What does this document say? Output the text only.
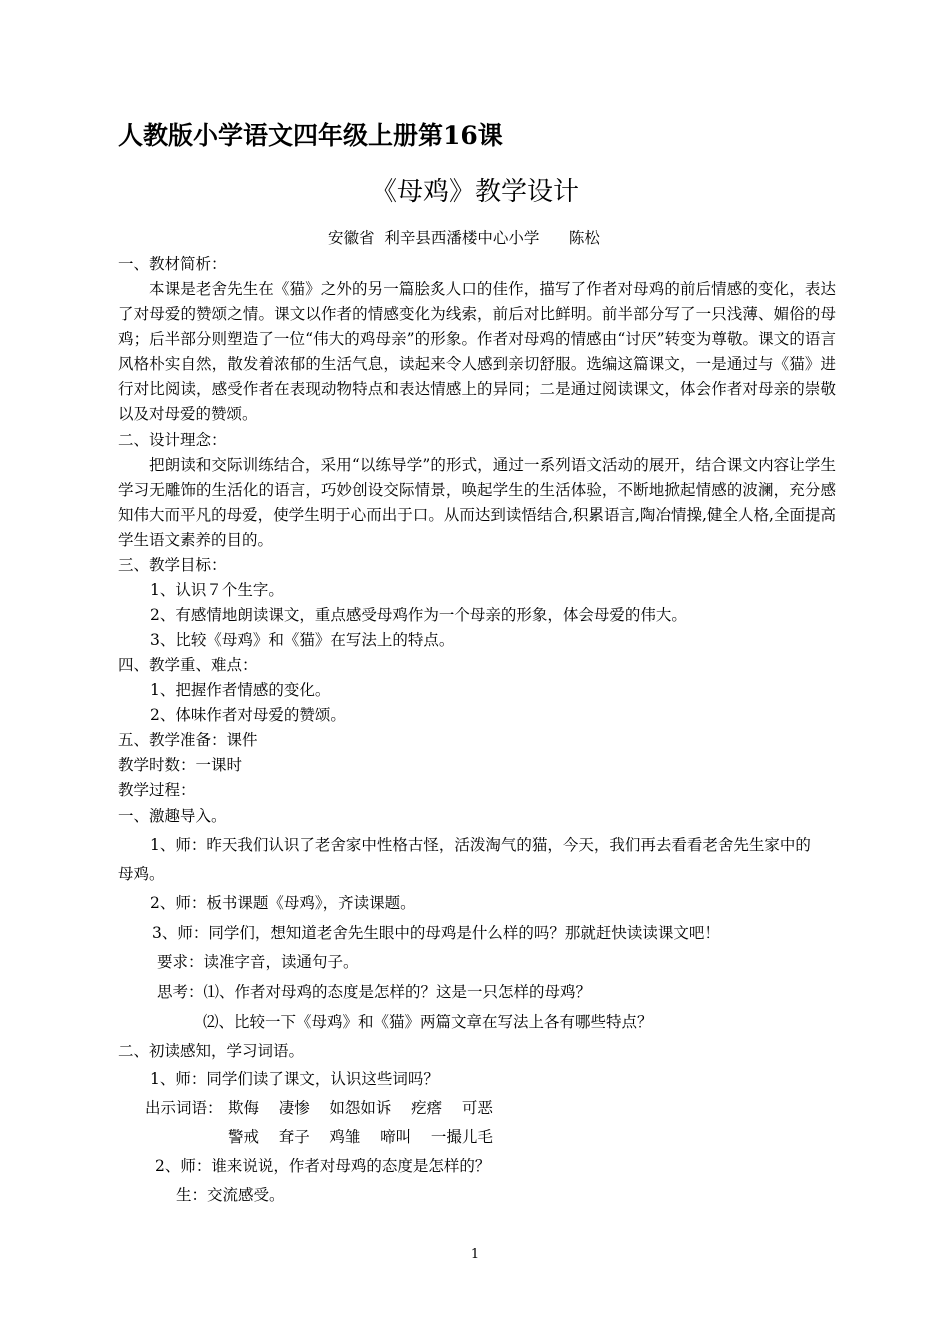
人教版小学语文四年级上册第16课
《母鸡》教学设计
安徽省  利辛县西潘楼中心小学      陈松
一、教材简析：
本课是老舍先生在《猫》之外的另一篇脍炙人口的佳作，描写了作者对母鸡的前后情感的变化，表达了对母爱的赞颂之情。课文以作者的情感变化为线索，前后对比鲜明。前半部分写了一只浅薄、媚俗的母鸡；后半部分则塑造了一位“伟大的鸡母亲”的形象。作者对母鸡的情感由“讨厌”转变为尊敬。课文的语言风格朴实自然，散发着浓郁的生活气息，读起来令人感到亲切舒服。选编这篇课文，一是通过与《猫》进行对比阅读，感受作者在表现动物特点和表达情感上的异同；二是通过阅读课文，体会作者对母亲的崇敬以及对母爱的赞颂。
二、设计理念：
把朗读和交际训练结合，采用“以练导学”的形式，通过一系列语文活动的展开，结合课文内容让学生学习无雕饰的生活化的语言，巧妙创设交际情景，唤起学生的生活体验，不断地掀起情感的波澜，充分感知伟大而平凡的母爱，使学生明于心而出于口。从而达到读悟结合,积累语言,陶冶情操,健全人格,全面提高学生语文素养的目的。
三、教学目标：
1、认识７个生字。
2、有感情地朗读课文，重点感受母鸡作为一个母亲的形象，体会母爱的伟大。
3、比较《母鸡》和《猫》在写法上的特点。
四、教学重、难点：
1、把握作者情感的变化。
2、体味作者对母爱的赞颂。
五、教学准备：课件
教学时数：一课时
教学过程：
一、激趣导入。
1、师：昨天我们认识了老舍家中性格古怪，活泼淘气的猫，今天，我们再去看看老舍先生家中的
母鸡。
2、师：板书课题《母鸡》，齐读课题。
3、师：同学们，想知道老舍先生眼中的母鸡是什么样的吗？那就赶快读读课文吧！
要求：读准字音，读通句子。
思考：⑴、作者对母鸡的态度是怎样的？这是一只怎样的母鸡？
⑵、比较一下《母鸡》和《猫》两篇文章在写法上各有哪些特点？
二、初读感知，学习词语。
1、师：同学们读了课文，认识这些词吗？
出示词语： 欺侮    凄惨    如怨如诉    疙瘩    可恶
警戒    耷子    鸡雏    啼叫    一撮儿毛
2、师：谁来说说，作者对母鸡的态度是怎样的？
生：交流感受。
1
